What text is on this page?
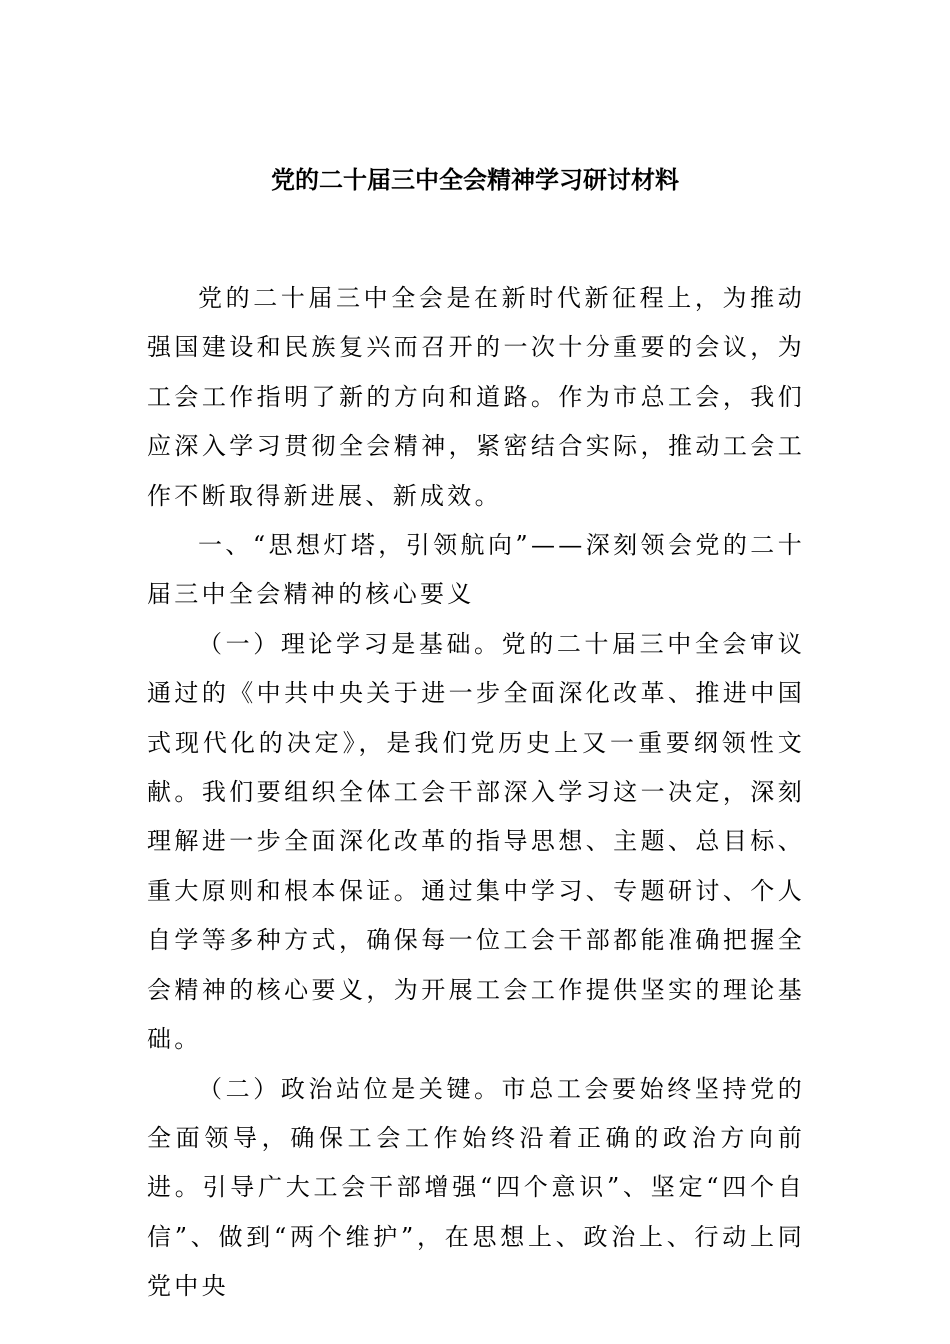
党的二十届三中全会精神学习研讨材料

党的二十届三中全会是在新时代新征程上，为推动强国建设和民族复兴而召开的一次十分重要的会议，为工会工作指明了新的方向和道路。作为市总工会，我们应深入学习贯彻全会精神，紧密结合实际，推动工会工作不断取得新进展、新成效。

一、“思想灯塔，引领航向”——深刻领会党的二十届三中全会精神的核心要义

（一）理论学习是基础。党的二十届三中全会审议通过的《中共中央关于进一步全面深化改革、推进中国式现代化的决定》，是我们党历史上又一重要纲领性文献。我们要组织全体工会干部深入学习这一决定，深刻理解进一步全面深化改革的指导思想、主题、总目标、重大原则和根本保证。通过集中学习、专题研讨、个人自学等多种方式，确保每一位工会干部都能准确把握全会精神的核心要义，为开展工会工作提供坚实的理论基础。

（二）政治站位是关键。市总工会要始终坚持党的全面领导，确保工会工作始终沿着正确的政治方向前进。引导广大工会干部增强“四个意识”、坚定“四个自信”、做到“两个维护”，在思想上、政治上、行动上同党中央
